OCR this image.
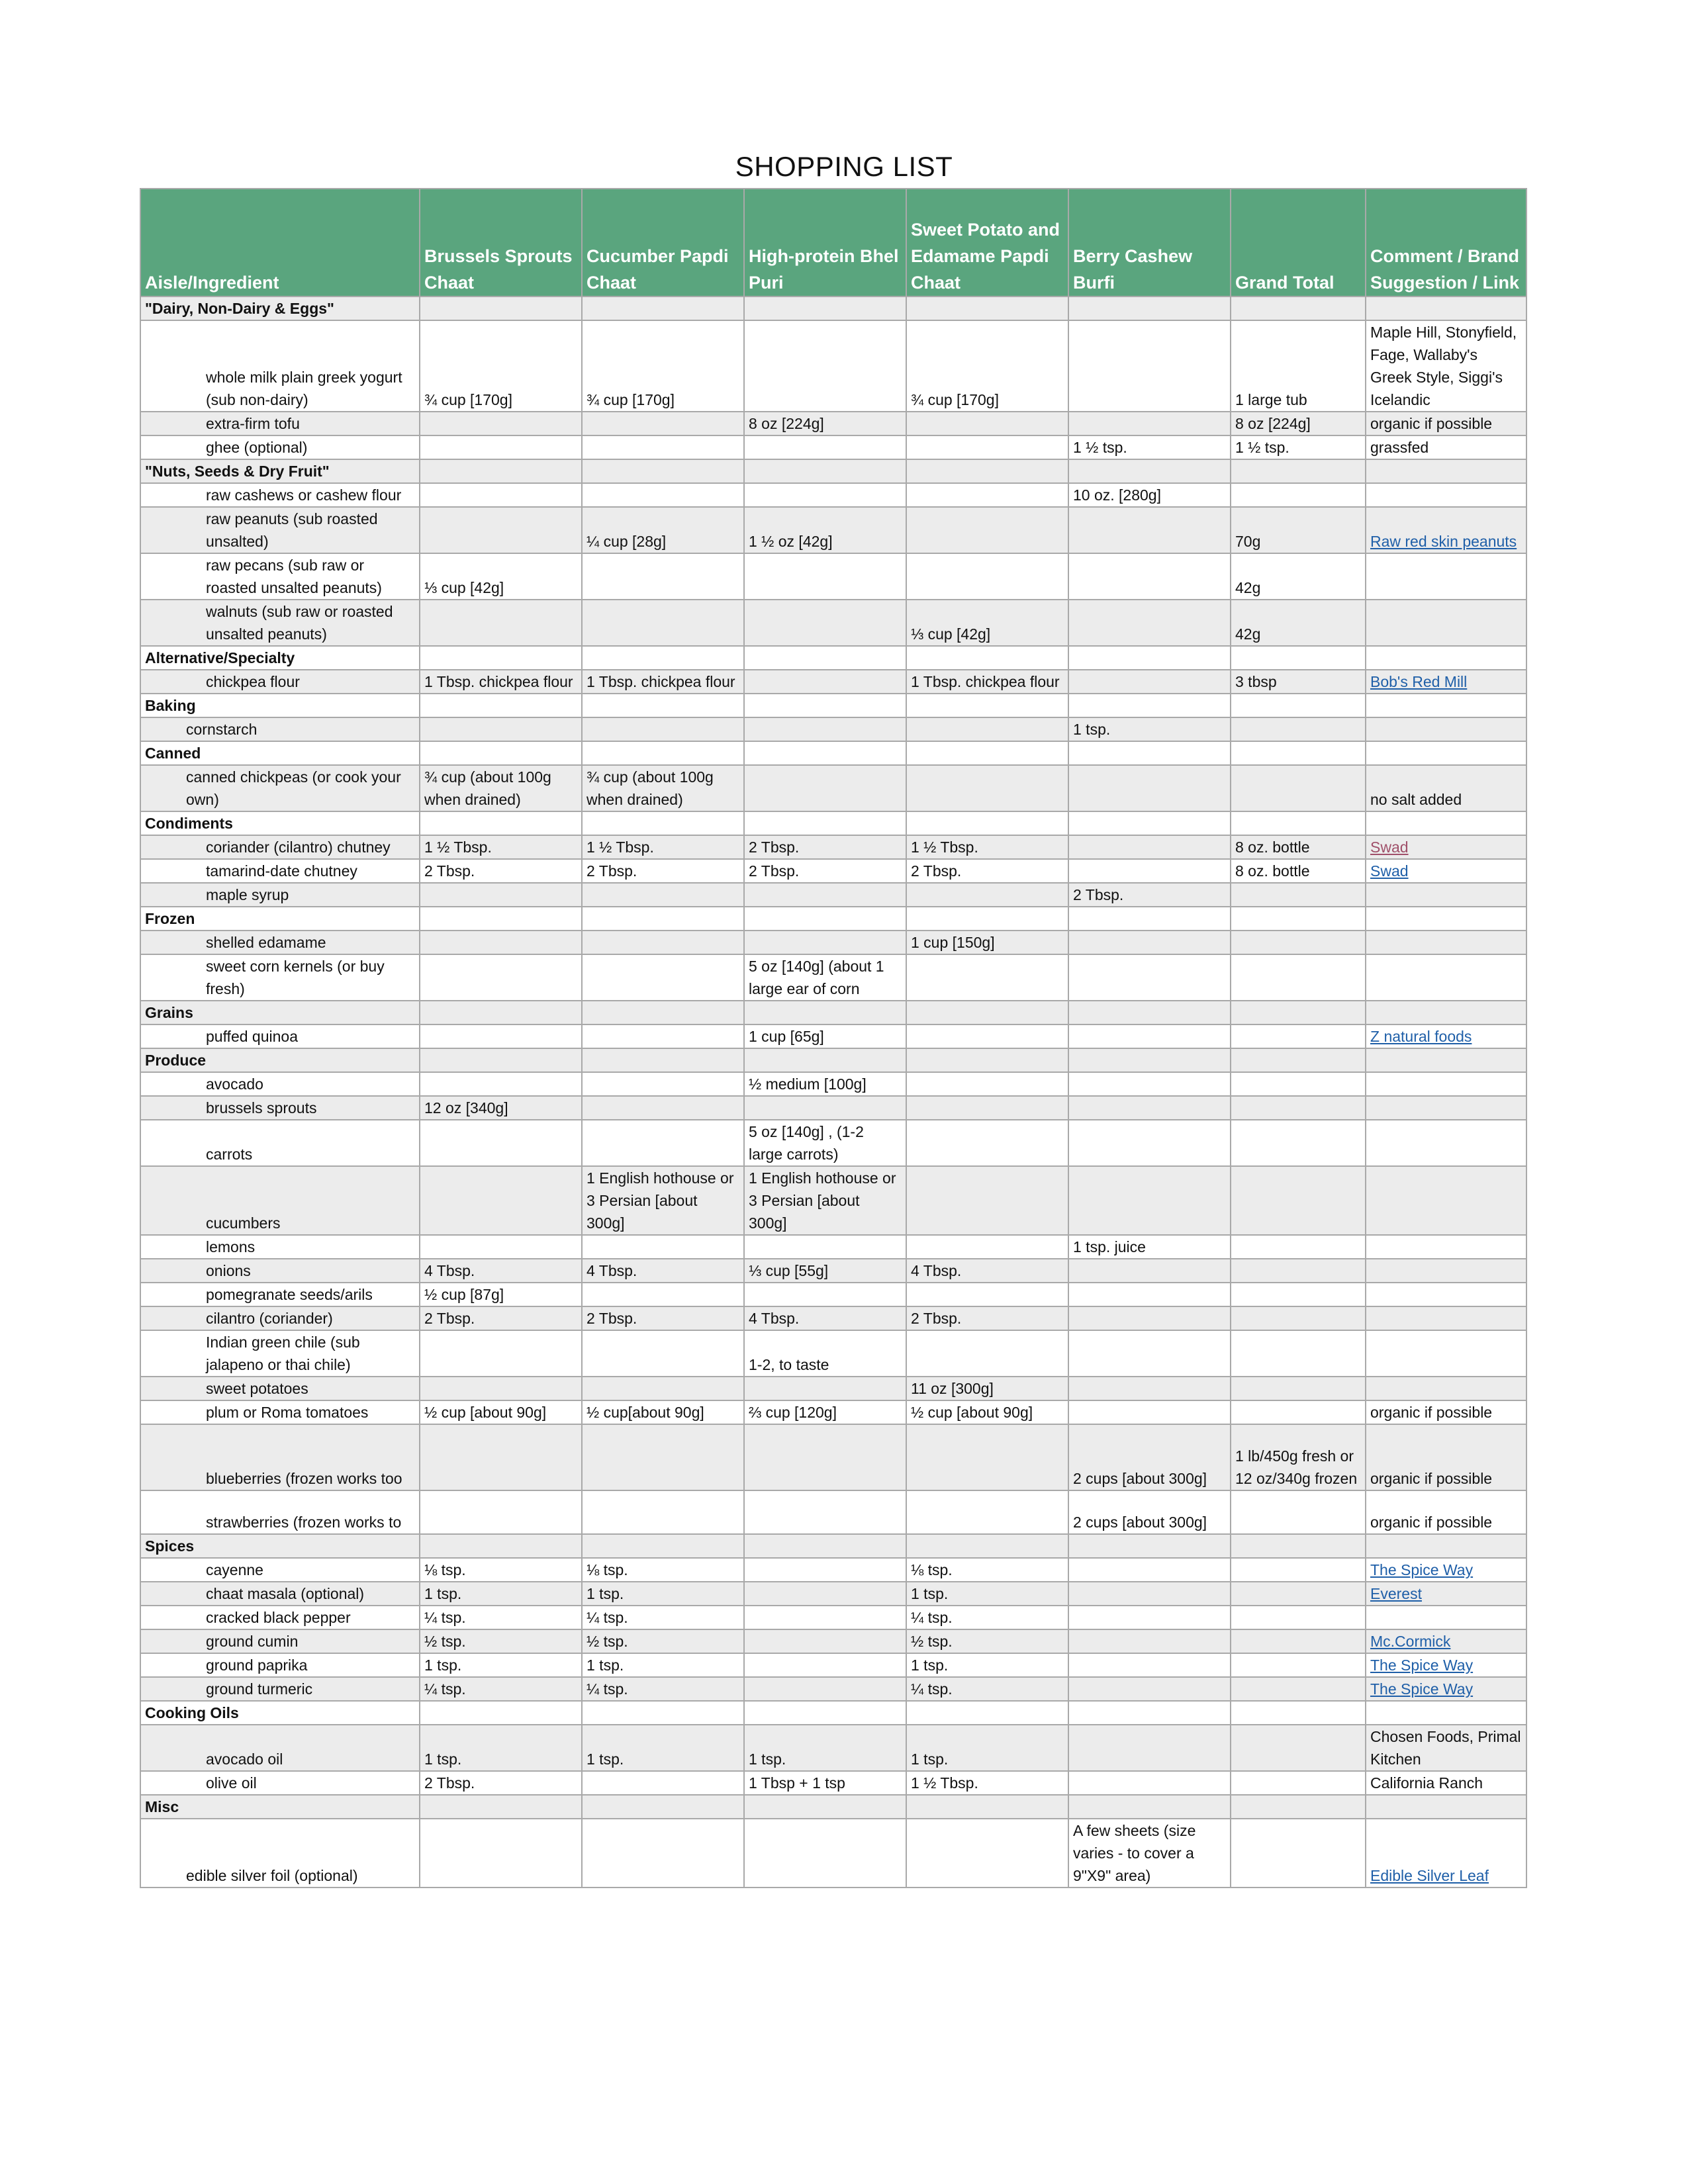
SHOPPING LIST
Aisle/Ingredient	Brussels Sprouts Chaat	Cucumber Papdi Chaat	High-protein Bhel Puri	Sweet Potato and Edamame Papdi Chaat	Berry Cashew Burfi	Grand Total	Comment / Brand Suggestion / Link
"Dairy, Non-Dairy & Eggs"							
whole milk plain greek yogurt (sub non-dairy)	¾ cup [170g]	¾ cup [170g]		¾ cup [170g]		1 large tub	Maple Hill, Stonyfield, Fage, Wallaby's Greek Style, Siggi's Icelandic
extra-firm tofu			8 oz [224g]			8 oz [224g]	organic if possible
ghee (optional)					1 ½ tsp.	1 ½ tsp.	grassfed
"Nuts, Seeds & Dry Fruit"							
raw cashews or cashew flour					10 oz. [280g]		
raw peanuts (sub roasted unsalted)		¼ cup [28g]	1 ½ oz [42g]			70g	Raw red skin peanuts
raw pecans (sub raw or roasted unsalted peanuts)	⅓ cup [42g]					42g	
walnuts (sub raw or roasted unsalted peanuts)				⅓ cup [42g]		42g	
Alternative/Specialty							
chickpea flour	1 Tbsp. chickpea flour	1 Tbsp. chickpea flour		1 Tbsp. chickpea flour		3 tbsp	Bob's Red Mill
Baking							
cornstarch					1 tsp.		
Canned							
canned chickpeas (or cook your own)	¾ cup (about 100g when drained)	¾ cup (about 100g when drained)					no salt added
Condiments							
coriander (cilantro) chutney	1 ½ Tbsp.	1 ½ Tbsp.	2 Tbsp.	1 ½ Tbsp.		8 oz. bottle	Swad
tamarind-date chutney	2 Tbsp.	2 Tbsp.	2 Tbsp.	2 Tbsp.		8 oz. bottle	Swad
maple syrup					2 Tbsp.		
Frozen							
shelled edamame				1 cup [150g]			
sweet corn kernels (or buy fresh)			5 oz [140g] (about 1 large ear of corn				
Grains							
puffed quinoa			1 cup [65g]				Z natural foods
Produce							
avocado			½ medium [100g]				
brussels sprouts	12 oz [340g]						
carrots			5 oz [140g] , (1-2 large carrots)				
cucumbers		1 English hothouse or 3 Persian [about 300g]	1 English hothouse or 3 Persian [about 300g]				
lemons					1 tsp. juice		
onions	4 Tbsp.	4 Tbsp.	⅓ cup [55g]	4 Tbsp.			
pomegranate seeds/arils	½ cup [87g]						
cilantro (coriander)	2 Tbsp.	2 Tbsp.	4 Tbsp.	2 Tbsp.			
Indian green chile (sub jalapeno or thai chile)			1-2, to taste				
sweet potatoes				11 oz [300g]			
plum or Roma tomatoes	½ cup [about 90g]	½ cup[about 90g]	⅔ cup [120g]	½ cup [about 90g]			organic if possible
blueberries (frozen works too					2 cups [about 300g]	1 lb/450g fresh or 12 oz/340g frozen	organic if possible
strawberries (frozen works to					2 cups [about 300g]		organic if possible
Spices							
cayenne	⅛ tsp.	⅛ tsp.		⅛ tsp.			The Spice Way
chaat masala (optional)	1 tsp.	1 tsp.		1 tsp.			Everest
cracked black pepper	¼ tsp.	¼ tsp.		¼ tsp.			
ground cumin	½ tsp.	½ tsp.		½ tsp.			Mc.Cormick
ground paprika	1 tsp.	1 tsp.		1 tsp.			The Spice Way
ground turmeric	¼ tsp.	¼ tsp.		¼ tsp.			The Spice Way
Cooking Oils							
avocado oil	1 tsp.	1 tsp.	1 tsp.	1 tsp.			Chosen Foods, Primal Kitchen
olive oil	2 Tbsp.		1 Tbsp + 1 tsp	1 ½ Tbsp.			California Ranch
Misc							
edible silver foil (optional)					A few sheets (size varies - to cover a 9"X9" area)		Edible Silver Leaf
